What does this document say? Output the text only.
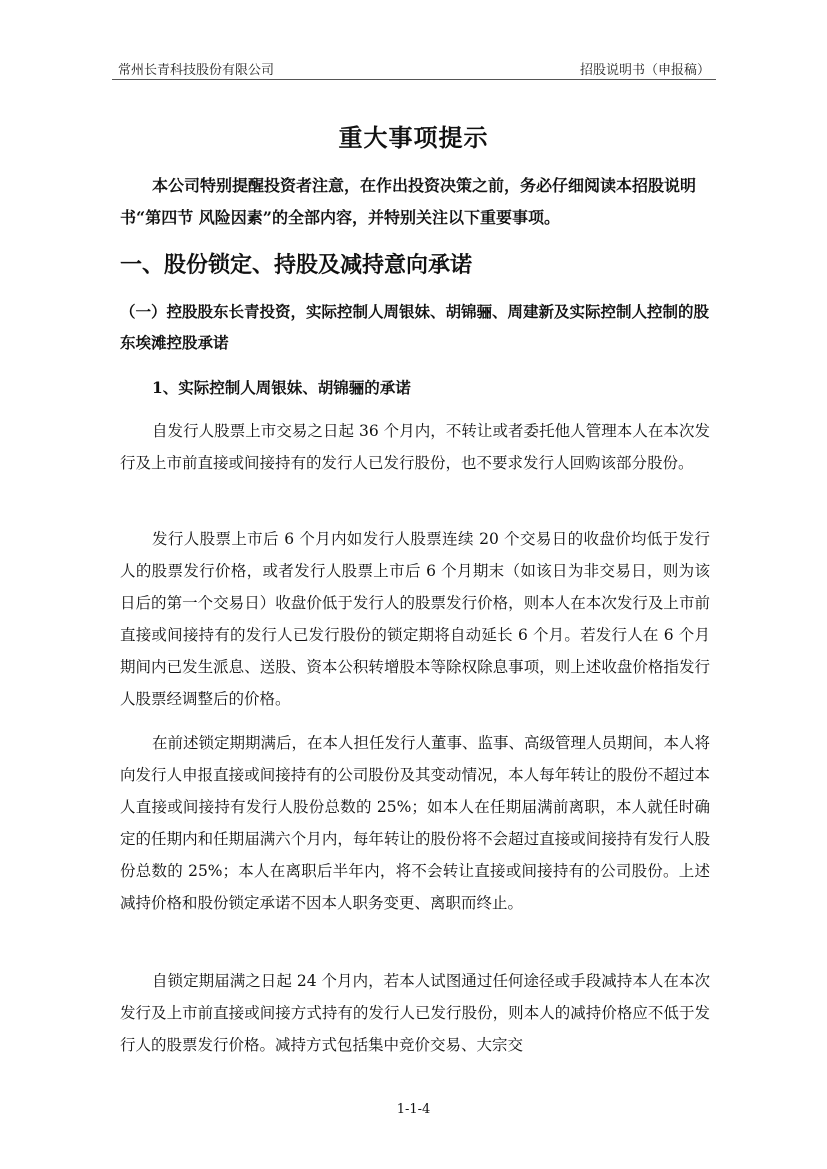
常州长青科技股份有限公司	招股说明书（申报稿）
重大事项提示
本公司特别提醒投资者注意，在作出投资决策之前，务必仔细阅读本招股说明书“第四节 风险因素”的全部内容，并特别关注以下重要事项。
一、股份锁定、持股及减持意向承诺
（一）控股股东长青投资，实际控制人周银妹、胡锦骊、周建新及实际控制人控制的股东埃滩控股承诺
1、实际控制人周银妹、胡锦骊的承诺
自发行人股票上市交易之日起 36 个月内，不转让或者委托他人管理本人在本次发行及上市前直接或间接持有的发行人已发行股份，也不要求发行人回购该部分股份。
发行人股票上市后 6 个月内如发行人股票连续 20 个交易日的收盘价均低于发行人的股票发行价格，或者发行人股票上市后 6 个月期末（如该日为非交易日，则为该日后的第一个交易日）收盘价低于发行人的股票发行价格，则本人在本次发行及上市前直接或间接持有的发行人已发行股份的锁定期将自动延长 6 个月。若发行人在 6 个月期间内已发生派息、送股、资本公积转增股本等除权除息事项，则上述收盘价格指发行人股票经调整后的价格。
在前述锁定期期满后，在本人担任发行人董事、监事、高级管理人员期间，本人将向发行人申报直接或间接持有的公司股份及其变动情况，本人每年转让的股份不超过本人直接或间接持有发行人股份总数的 25%；如本人在任期届满前离职，本人就任时确定的任期内和任期届满六个月内，每年转让的股份将不会超过直接或间接持有发行人股份总数的 25%；本人在离职后半年内，将不会转让直接或间接持有的公司股份。上述减持价格和股份锁定承诺不因本人职务变更、离职而终止。
自锁定期届满之日起 24 个月内，若本人试图通过任何途径或手段减持本人在本次发行及上市前直接或间接方式持有的发行人已发行股份，则本人的减持价格应不低于发行人的股票发行价格。减持方式包括集中竞价交易、大宗交
1-1-4
